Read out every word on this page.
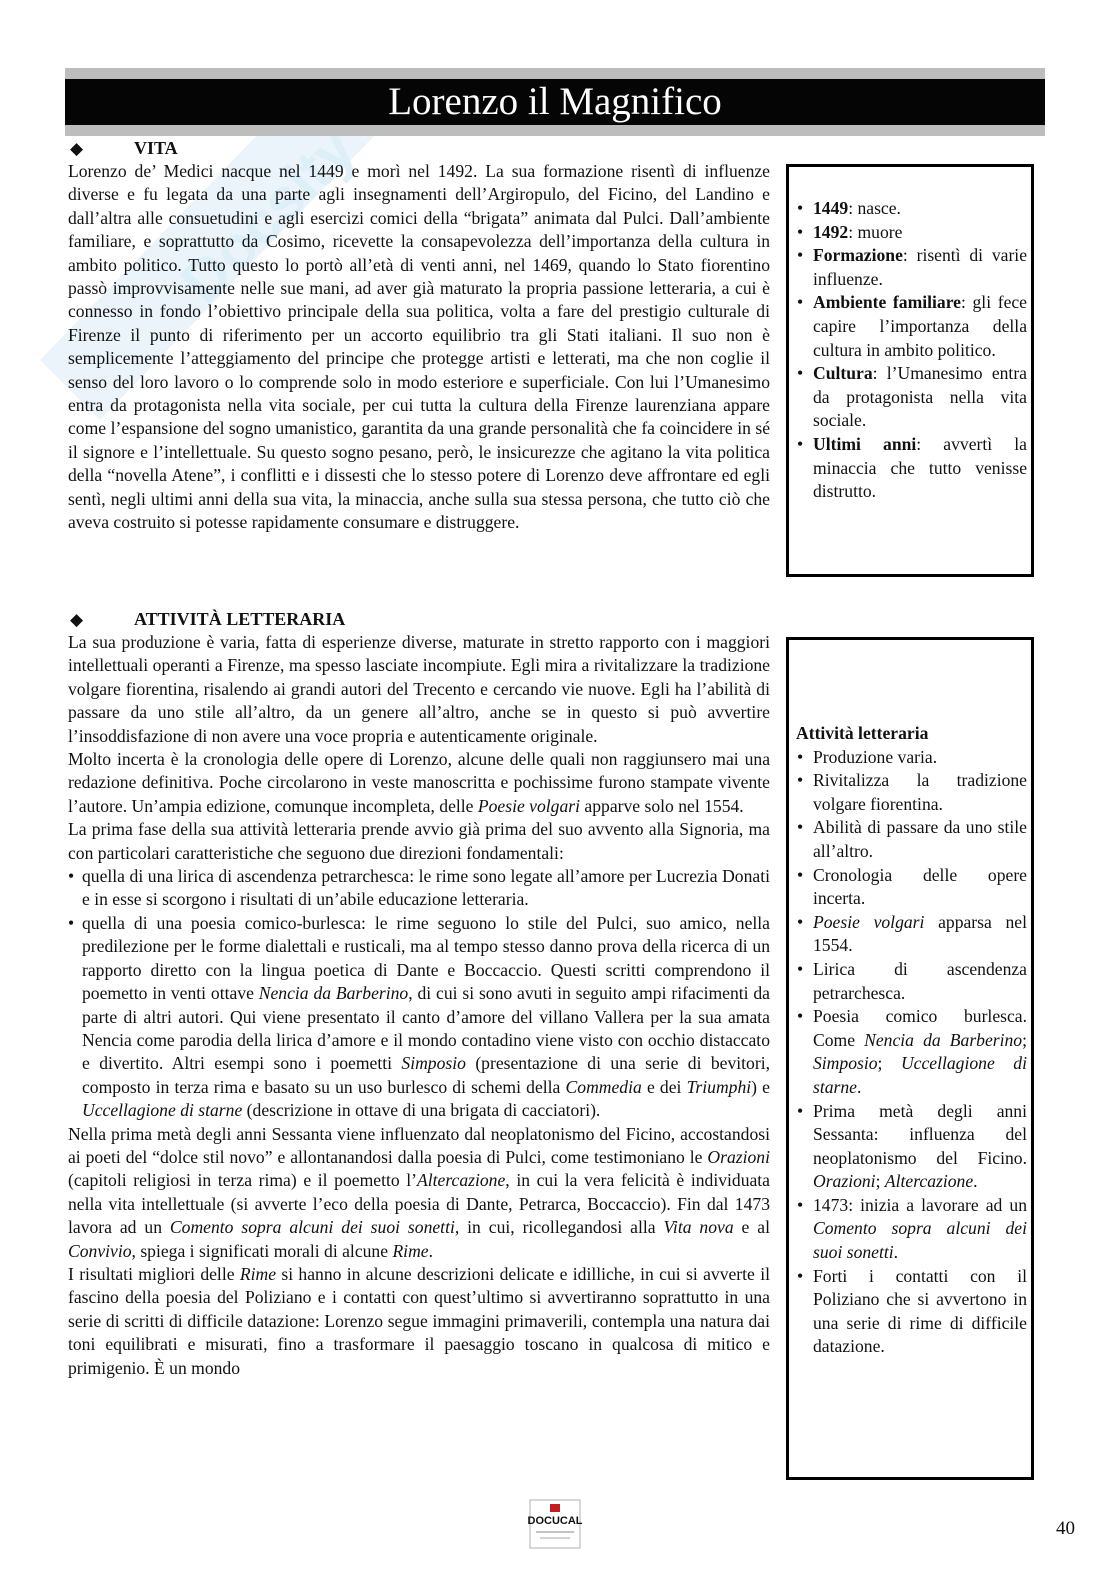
Docsity
Lorenzo il Magnifico
◆	VITA

Lorenzo de’ Medici nacque nel 1449 e morì nel 1492. La sua formazione risentì di influenze diverse e fu legata da una parte agli insegnamenti dell’Argiropulo, del Ficino, del Landino e dall’altra alle consuetudini e agli esercizi comici della “brigata” animata dal Pulci. Dall’ambiente familiare, e soprattutto da Cosimo, ricevette la consapevolezza dell’importanza della cultura in ambito politico. Tutto questo lo portò all’età di venti anni, nel 1469, quando lo Stato fiorentino passò improvvisamente nelle sue mani, ad aver già maturato la propria passione letteraria, a cui è connesso in fondo l’obiettivo principale della sua politica, volta a fare del prestigio culturale di Firenze il punto di riferimento per un accorto equilibrio tra gli Stati italiani. Il suo non è semplicemente l’atteggiamento del principe che protegge artisti e letterati, ma che non coglie il senso del loro lavoro o lo comprende solo in modo esteriore e superficiale. Con lui l’Umanesimo entra da protagonista nella vita sociale, per cui tutta la cultura della Firenze laurenziana appare come l’espansione del sogno umanistico, garantita da una grande personalità che fa coincidere in sé il signore e l’intellettuale. Su questo sogno pesano, però, le insicurezze che agitano la vita politica della “novella Atene”, i conflitti e i dissesti che lo stesso potere di Lorenzo deve affrontare ed egli sentì, negli ultimi anni della sua vita, la minaccia, anche sulla sua stessa persona, che tutto ciò che aveva costruito si potesse rapidamente consumare e distruggere.

◆	ATTIVITÀ LETTERARIA

La sua produzione è varia, fatta di esperienze diverse, maturate in stretto rapporto con i maggiori intellettuali operanti a Firenze, ma spesso lasciate incompiute. Egli mira a rivitalizzare la tradizione volgare fiorentina, risalendo ai grandi autori del Trecento e cercando vie nuove. Egli ha l’abilità di passare da uno stile all’altro, da un genere all’altro, anche se in questo si può avvertire l’insoddisfazione di non avere una voce propria e autenticamente originale.

Molto incerta è la cronologia delle opere di Lorenzo, alcune delle quali non raggiunsero mai una redazione definitiva. Poche circolarono in veste manoscritta e pochissime furono stampate vivente l’autore. Un’ampia edizione, comunque incompleta, delle Poesie volgari apparve solo nel 1554.

La prima fase della sua attività letteraria prende avvio già prima del suo avvento alla Signoria, ma con particolari caratteristiche che seguono due direzioni fondamentali:

• quella di una lirica di ascendenza petrarchesca: le rime sono legate all’amore per Lucrezia Donati e in esse si scorgono i risultati di un’abile educazione letteraria.
• quella di una poesia comico-burlesca: le rime seguono lo stile del Pulci, suo amico, nella predilezione per le forme dialettali e rusticali, ma al tempo stesso danno prova della ricerca di un rapporto diretto con la lingua poetica di Dante e Boccaccio. Questi scritti comprendono il poemetto in venti ottave Nencia da Barberino, di cui si sono avuti in seguito ampi rifacimenti da parte di altri autori. Qui viene presentato il canto d’amore del villano Vallera per la sua amata Nencia come parodia della lirica d’amore e il mondo contadino viene visto con occhio distaccato e divertito. Altri esempi sono i poemetti Simposio (presentazione di una serie di bevitori, composto in terza rima e basato su un uso burlesco di schemi della Commedia e dei Triumphi) e Uccellagione di starne (descrizione in ottave di una brigata di cacciatori).

Nella prima metà degli anni Sessanta viene influenzato dal neoplatonismo del Ficino, accostandosi ai poeti del “dolce stil novo” e allontanandosi dalla poesia di Pulci, come testimoniano le Orazioni (capitoli religiosi in terza rima) e il poemetto l’Altercazione, in cui la vera felicità è individuata nella vita intellettuale (si avverte l’eco della poesia di Dante, Petrarca, Boccaccio). Fin dal 1473 lavora ad un Comento sopra alcuni dei suoi sonetti, in cui, ricollegandosi alla Vita nova e al Convivio, spiega i significati morali di alcune Rime.

I risultati migliori delle Rime si hanno in alcune descrizioni delicate e idilliche, in cui si avverte il fascino della poesia del Poliziano e i contatti con quest’ultimo si avvertiranno soprattutto in una serie di scritti di difficile datazione: Lorenzo segue immagini primaverili, contempla una natura dai toni equilibrati e misurati, fino a trasformare il paesaggio toscano in qualcosa di mitico e primigenio. È un mondo

• 1449: nasce.
• 1492: muore
• Formazione: risentì di varie influenze.
• Ambiente familiare: gli fece capire l’importanza della cultura in ambito politico.
• Cultura: l’Umanesimo entra da protagonista nella vita sociale.
• Ultimi anni: avvertì la minaccia che tutto venisse distrutto.
Attività letteraria
• Produzione varia.
• Rivitalizza la tradizione volgare fiorentina.
• Abilità di passare da uno stile all’altro.
• Cronologia delle opere incerta.
• Poesie volgari apparsa nel 1554.
• Lirica di ascendenza petrarchesca.
• Poesia comico burlesca. Come Nencia da Barberino; Simposio; Uccellagione di starne.
• Prima metà degli anni Sessanta: influenza del neoplatonismo del Ficino. Orazioni; Altercazione.
• 1473: inizia a lavorare ad un Comento sopra alcuni dei suoi sonetti.
• Forti i contatti con il Poliziano che si avvertono in una serie di rime di difficile datazione.
DOCUCAL	40
